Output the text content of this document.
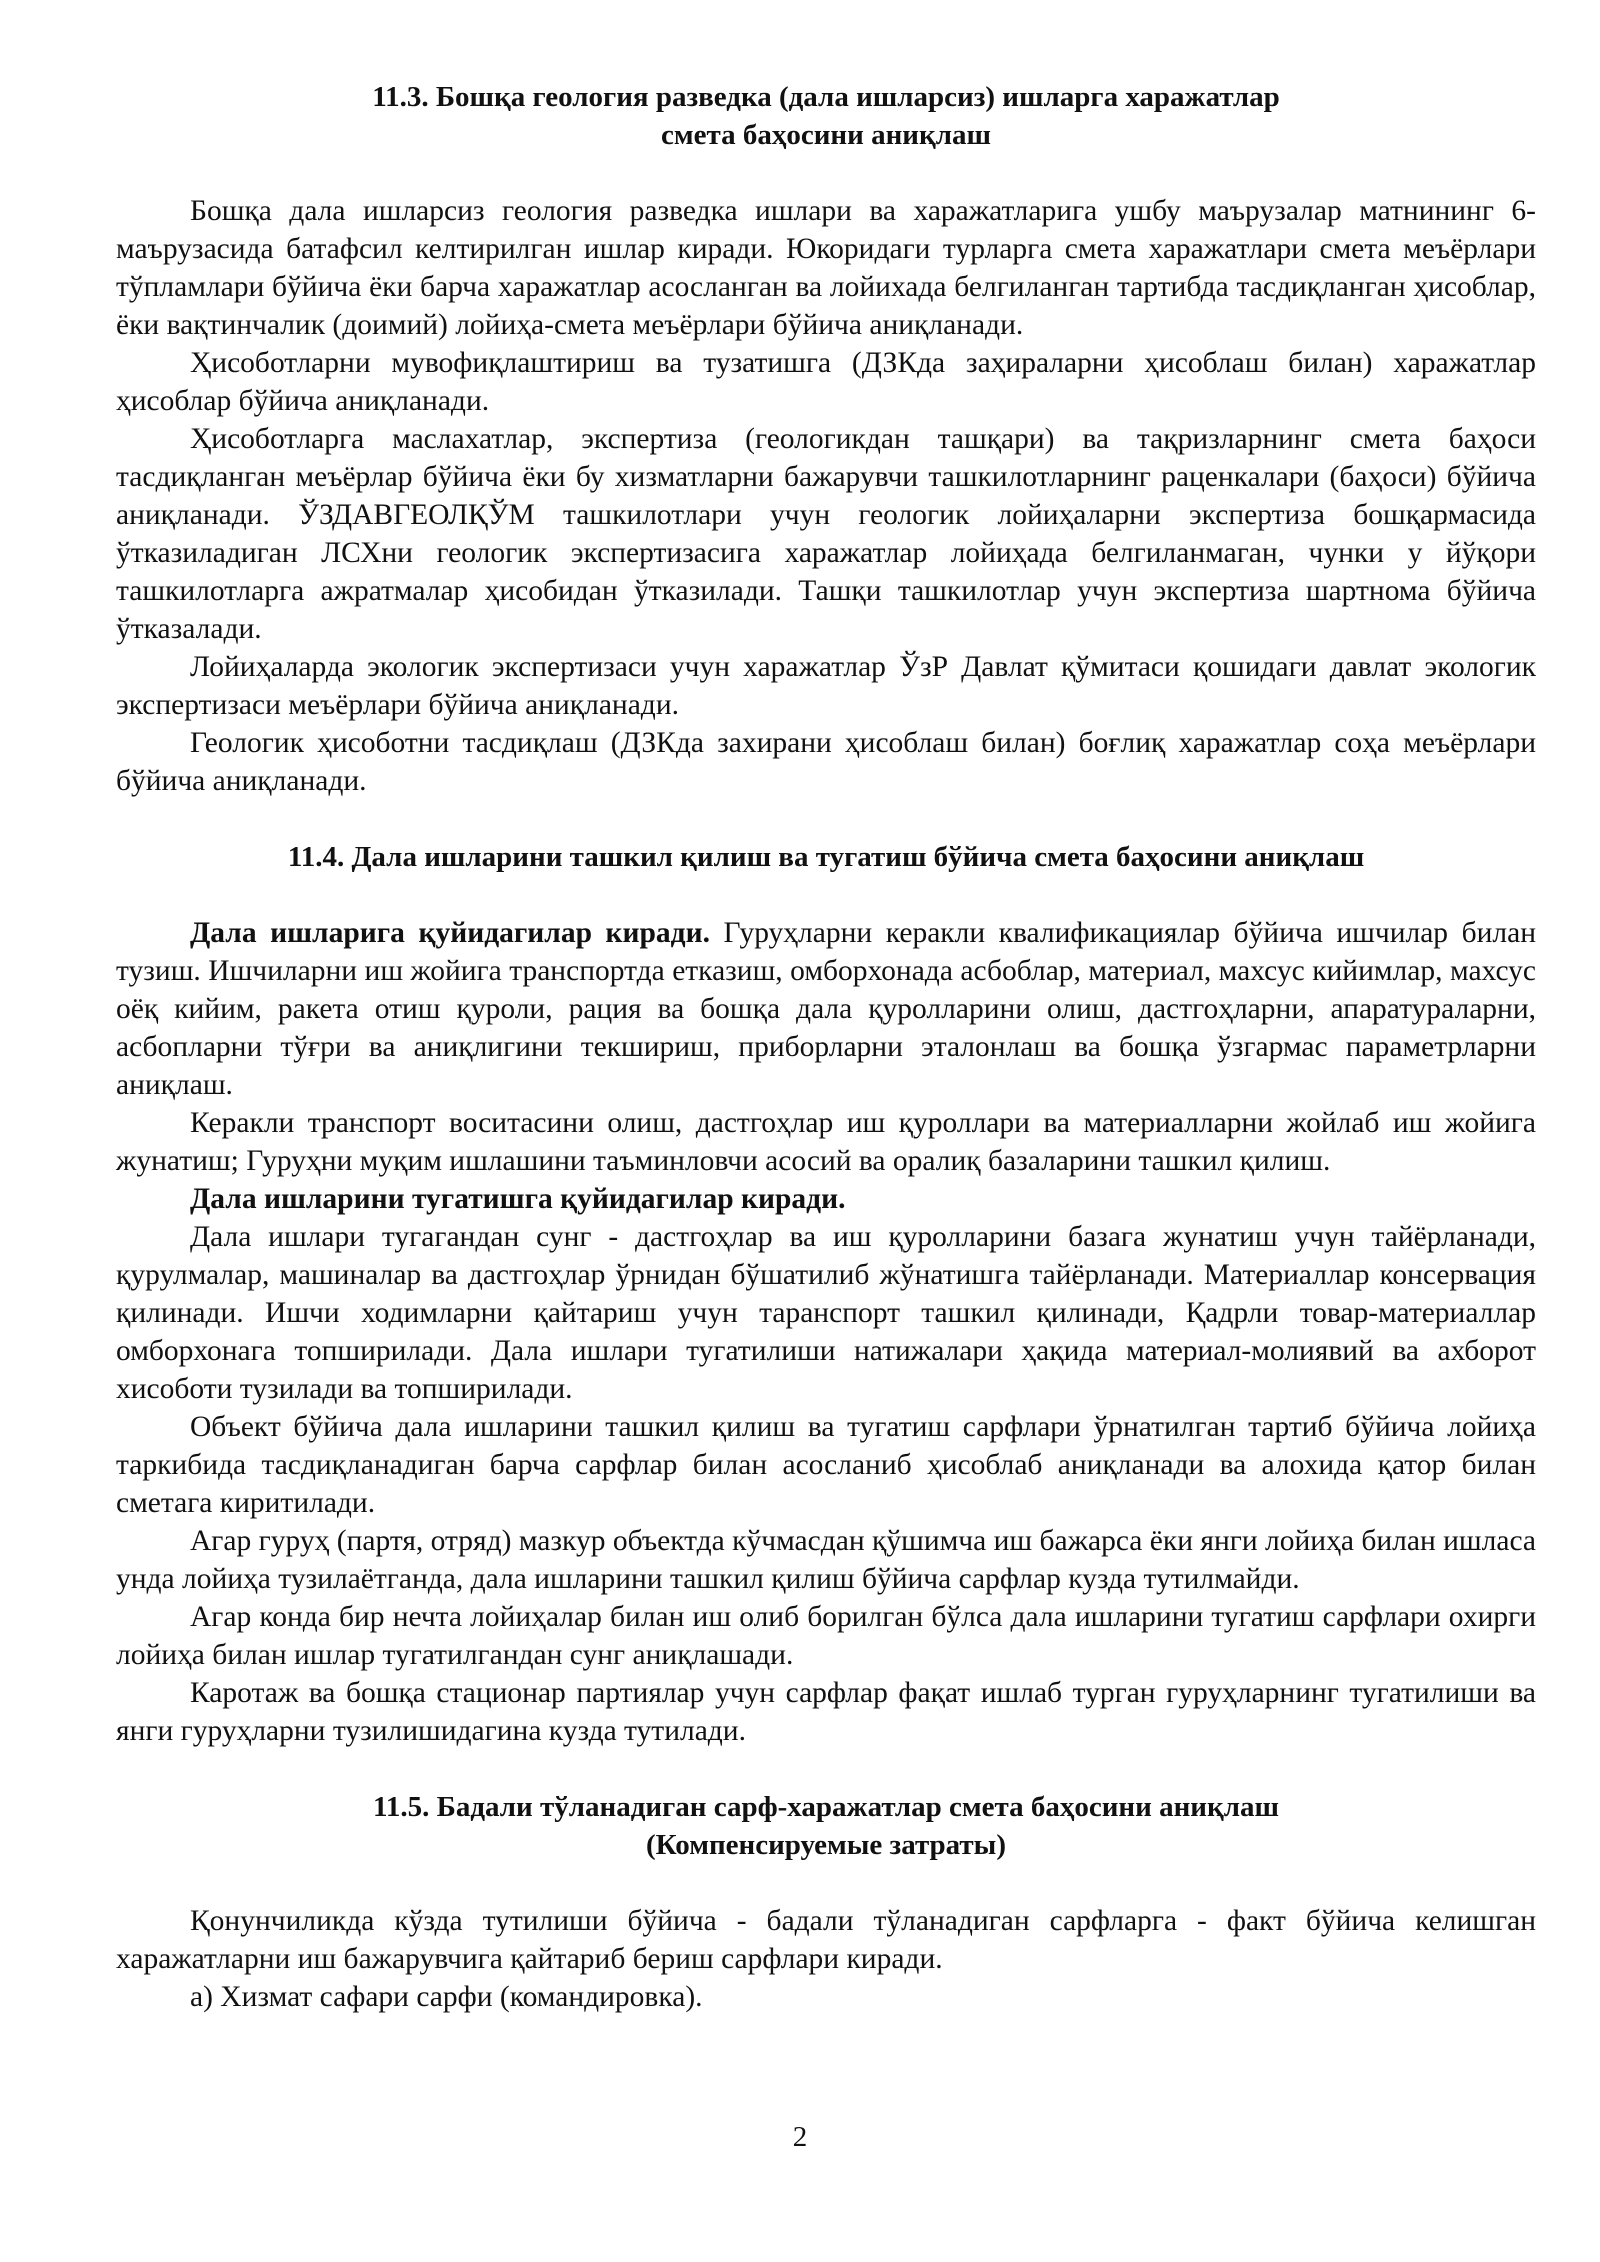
11.3. Бошқа геология разведка (дала ишларсиз) ишларга харажатлар
смета баҳосини аниқлаш

Бошқа дала ишларсиз геология разведка ишлари ва харажатларига ушбу маърузалар матнининг 6-маърузасида батафсил келтирилган ишлар киради. Юкоридаги турларга смета харажатлари смета меъёрлари тўпламлари бўйича ёки барча харажатлар асосланган ва лойихада белгиланган тартибда тасдиқланган ҳисоблар, ёки вақтинчалик (доимий) лойиҳа-смета меъёрлари бўйича аниқланади.

Ҳисоботларни мувофиқлаштириш ва тузатишга (ДЗКда заҳираларни ҳисоблаш билан) харажатлар ҳисоблар бўйича аниқланади.

Ҳисоботларга маслахатлар, экспертиза (геологикдан ташқари) ва тақризларнинг смета баҳоси тасдиқланган меъёрлар бўйича ёки бу хизматларни бажарувчи ташкилотларнинг раценкалари (баҳоси) бўйича аниқланади. ЎЗДАВГЕОЛҚЎМ ташкилотлари учун геологик лойиҳаларни экспертиза бошқармасида ўтказиладиган ЛСХни геологик экспертизасига харажатлар лойиҳада белгиланмаган, чунки у йўқори ташкилотларга ажратмалар ҳисобидан ўтказилади. Ташқи ташкилотлар учун экспертиза шартнома бўйича ўтказалади.

Лойиҳаларда экологик экспертизаси учун харажатлар ЎзР Давлат қўмитаси қошидаги давлат экологик экспертизаси меъёрлари бўйича аниқланади.

Геологик ҳисоботни тасдиқлаш (ДЗКда захирани ҳисоблаш билан) боғлиқ харажатлар соҳа меъёрлари бўйича аниқланади.

11.4. Дала ишларини ташкил қилиш ва тугатиш бўйича смета баҳосини аниқлаш

Дала ишларига қуйидагилар киради. Гуруҳларни керакли квалификациялар бўйича ишчилар билан тузиш. Ишчиларни иш жойига транспортда етказиш, омборхонада асбоблар, материал, махсус кийимлар, махсус оёқ кийим, ракета отиш қуроли, рация ва бошқа дала қуролларини олиш, дастгоҳларни, апаратураларни, асбопларни тўғри ва аниқлигини текшириш, приборларни эталонлаш ва бошқа ўзгармас параметрларни аниқлаш.

Керакли транспорт воситасини олиш, дастгоҳлар иш қуроллари ва материалларни жойлаб иш жойига жунатиш; Гуруҳни муқим ишлашини таъминловчи асосий ва оралиқ базаларини ташкил қилиш.

Дала ишларини тугатишга қуйидагилар киради.

Дала ишлари тугагандан сунг - дастгоҳлар ва иш қуролларини базага жунатиш учун тайёрланади, қурулмалар, машиналар ва дастгоҳлар ўрнидан бўшатилиб жўнатишга тайёрланади. Материаллар консервация қилинади. Ишчи ходимларни қайтариш учун таранспорт ташкил қилинади, Қадрли товар-материаллар омборхонага топширилади. Дала ишлари тугатилиши натижалари ҳақида материал-молиявий ва ахборот хисоботи тузилади ва топширилади.

Объект бўйича дала ишларини ташкил қилиш ва тугатиш сарфлари ўрнатилган тартиб бўйича лойиҳа таркибида тасдиқланадиган барча сарфлар билан асосланиб ҳисоблаб аниқланади ва алохида қатор билан сметага киритилади.

Агар гуруҳ (партя, отряд) мазкур объектда кўчмасдан қўшимча иш бажарса ёки янги лойиҳа билан ишласа унда лойиҳа тузилаётганда, дала ишларини ташкил қилиш бўйича сарфлар кузда тутилмайди.

Агар конда бир нечта лойиҳалар билан иш олиб борилган бўлса дала ишларини тугатиш сарфлари охирги лойиҳа билан ишлар тугатилгандан сунг аниқлашади.

Каротаж ва бошқа стационар партиялар учун сарфлар фақат ишлаб турган гуруҳларнинг тугатилиши ва янги гуруҳларни тузилишидагина кузда тутилади.

11.5. Бадали тўланадиган сарф-харажатлар смета баҳосини аниқлаш
(Компенсируемые затраты)

Қонунчиликда кўзда тутилиши бўйича - бадали тўланадиган сарфларга - факт бўйича келишган харажатларни иш бажарувчига қайтариб бериш сарфлари киради.

а) Хизмат сафари сарфи (командировка).

2
